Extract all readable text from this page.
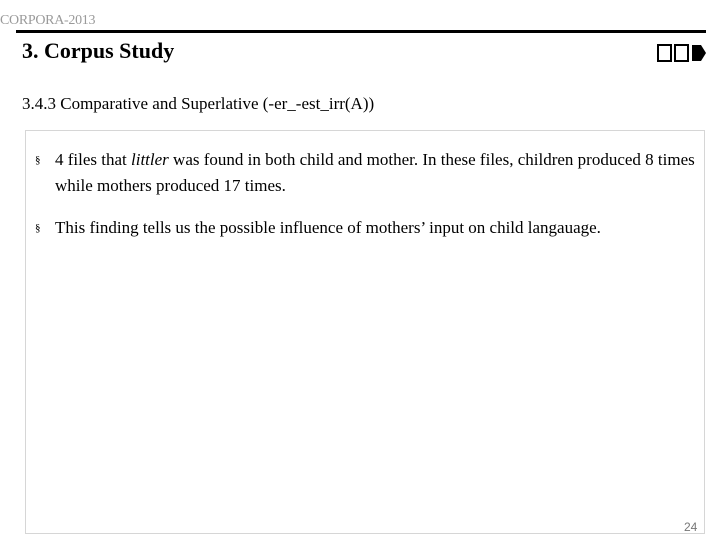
CORPORA-2013
3. Corpus Study
3.4.3 Comparative and Superlative (-er_-est_irr(A))
§ 4 files that littler was found in both child and mother. In these files, children produced 8 times while mothers produced 17 times.
§ This finding tells us the possible influence of mothers’ input on child langauage.
24
